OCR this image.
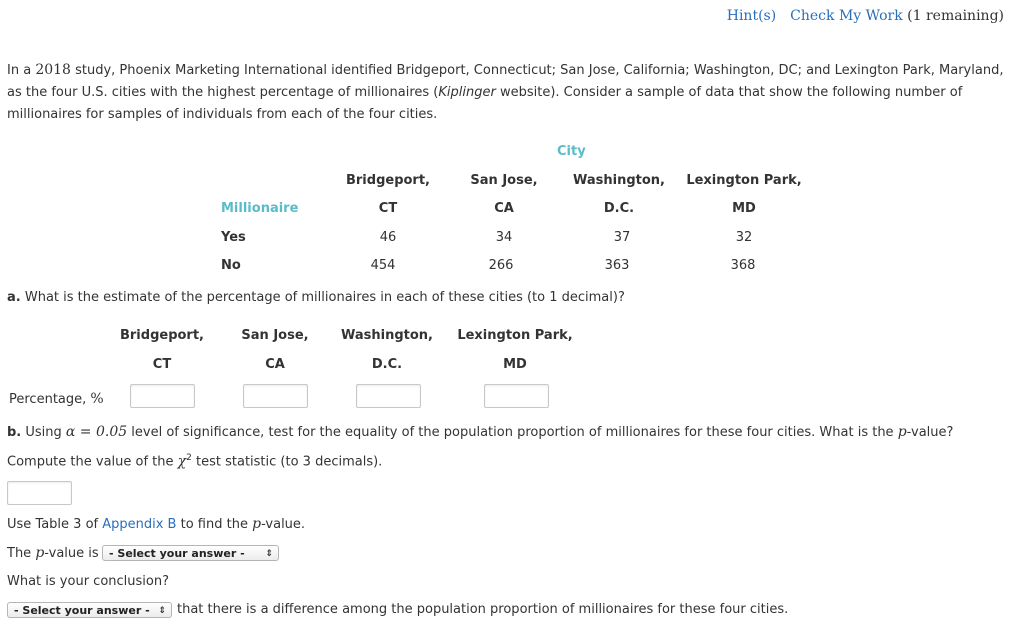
Hint(s) Check My Work (1 remaining)
In a 2018 study, Phoenix Marketing International identified Bridgeport, Connecticut; San Jose, California; Washington, DC; and Lexington Park, Maryland, as the four U.S. cities with the highest percentage of millionaires (Kiplinger website). Consider a sample of data that show the following number of millionaires for samples of individuals from each of the four cities.
City
Bridgeport,	San Jose,	Washington,	Lexington Park,
Millionaire	CT	CA	D.C.	MD
Yes	46	34	37	32
No	454	266	363	368
a. What is the estimate of the percentage of millionaires in each of these cities (to 1 decimal)?
Bridgeport,	San Jose,	Washington,	Lexington Park,
CT	CA	D.C.	MD
Percentage, %
b. Using α = 0.05 level of significance, test for the equality of the population proportion of millionaires for these four cities. What is the p-value?
Compute the value of the $\chi^2$ test statistic (to 3 decimals).
Use Table 3 of Appendix B to find the p-value.
The p-value is - Select your answer - ⇕
What is your conclusion?
- Select your answer - ⇕ that there is a difference among the population proportion of millionaires for these four cities.
